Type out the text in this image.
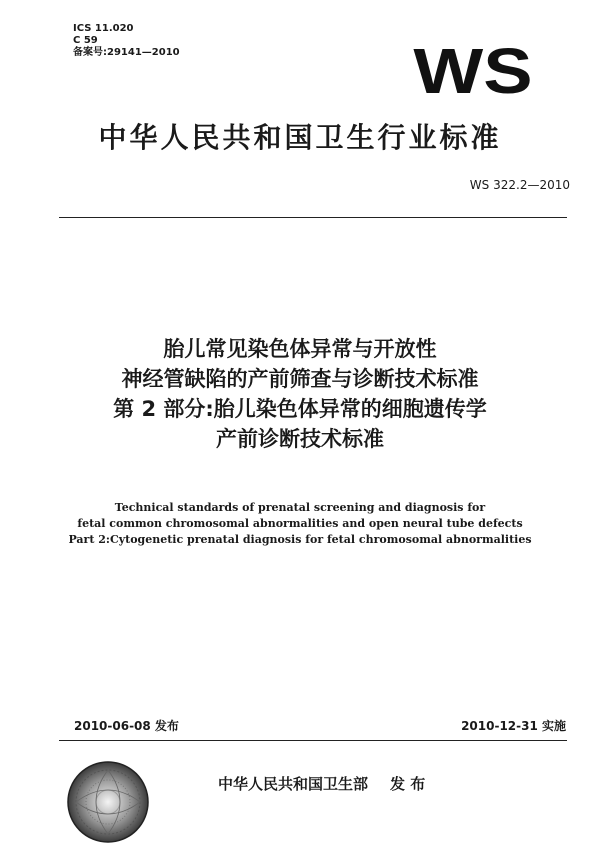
ICS 11.020
C 59
备案号:29141—2010	WS
中华人民共和国卫生行业标准
WS 322.2—2010
胎儿常见染色体异常与开放性
神经管缺陷的产前筛查与诊断技术标准
第 2 部分:胎儿染色体异常的细胞遗传学
产前诊断技术标准
Technical standards of prenatal screening and diagnosis for
fetal common chromosomal abnormalities and open neural tube defects
Part 2:Cytogenetic prenatal diagnosis for fetal chromosomal abnormalities
2010-06-08 发布	2010-12-31 实施
中华人民共和国卫生部 发 布
